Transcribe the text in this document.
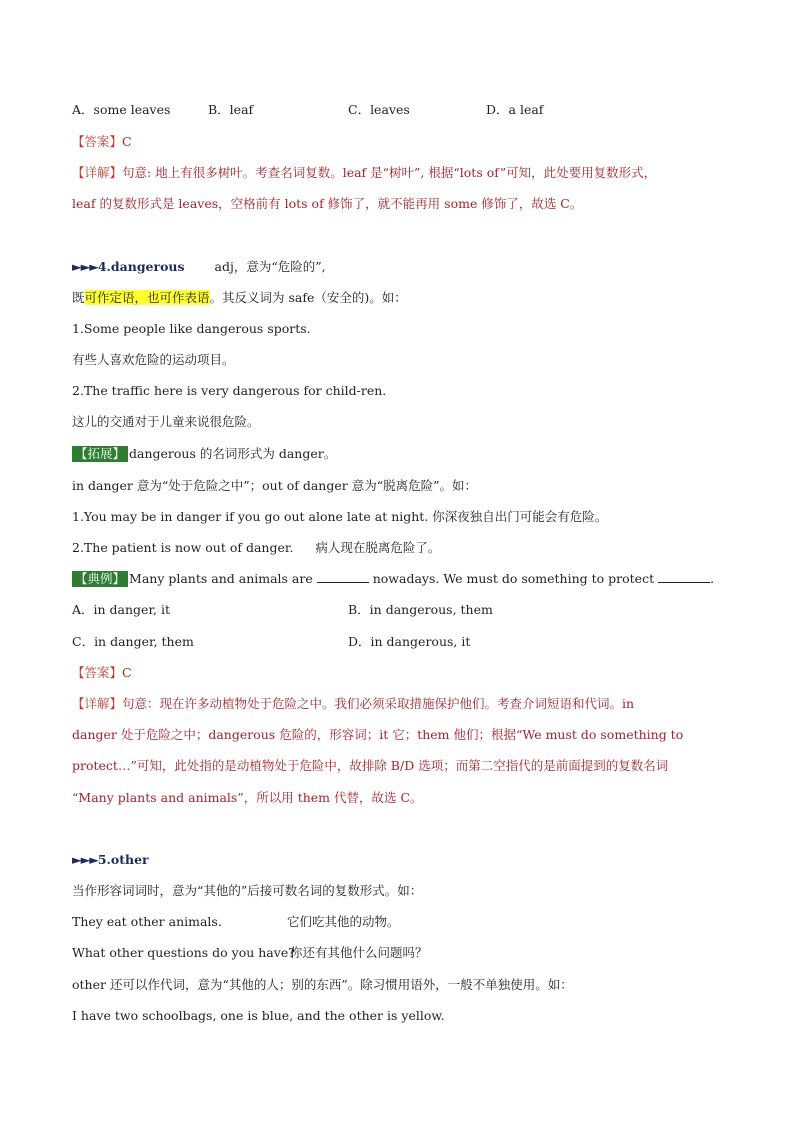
A．some leaves	B．leaf	C．leaves	D．a leaf
【答案】C
【详解】句意: 地上有很多树叶。考查名词复数。leaf 是“树叶”, 根据“lots of”可知，此处要用复数形式，
leaf 的复数形式是 leaves，空格前有 lots of 修饰了，就不能再用 some 修饰了，故选 C。
►►►4.dangerous adj，意为“危险的”,
既可作定语，也可作表语。其反义词为 safe（安全的)。如：
1.Some people like dangerous sports.
有些人喜欢危险的运动项目。
2.The traffic here is very dangerous for child-ren.
这儿的交通对于儿童来说很危险。
【拓展】 dangerous 的名词形式为 danger。
in danger 意为“处于危险之中”；out of danger 意为“脱离危险”。如：
1.You may be in danger if you go out alone late at night. 你深夜独自出门可能会有危险。
2.The patient is now out of danger. 病人现在脱离危险了。
【典例】 Many plants and animals are	nowadays. We must do something to protect	.
A．in danger, it	B．in dangerous, them
C．in danger, them	D．in dangerous, it
【答案】C
【详解】句意：现在许多动植物处于危险之中。我们必须采取措施保护他们。考查介词短语和代词。in
danger 处于危险之中；dangerous 危险的，形容词；it 它；them 他们；根据“We must do something to
protect…”可知，此处指的是动植物处于危险中，故排除 B/D 选项；而第二空指代的是前面提到的复数名词
“Many plants and animals”，所以用 them 代替，故选 C。
►►►5.other
当作形容词词时，意为“其他的”后接可数名词的复数形式。如：
They eat other animals.	它们吃其他的动物。
What other questions do you have?
你还有其他什么问题吗？
other 还可以作代词，意为“其他的人；别的东西”。除习惯用语外，一般不单独使用。如：
I have two schoolbags, one is blue, and the other is yellow.
